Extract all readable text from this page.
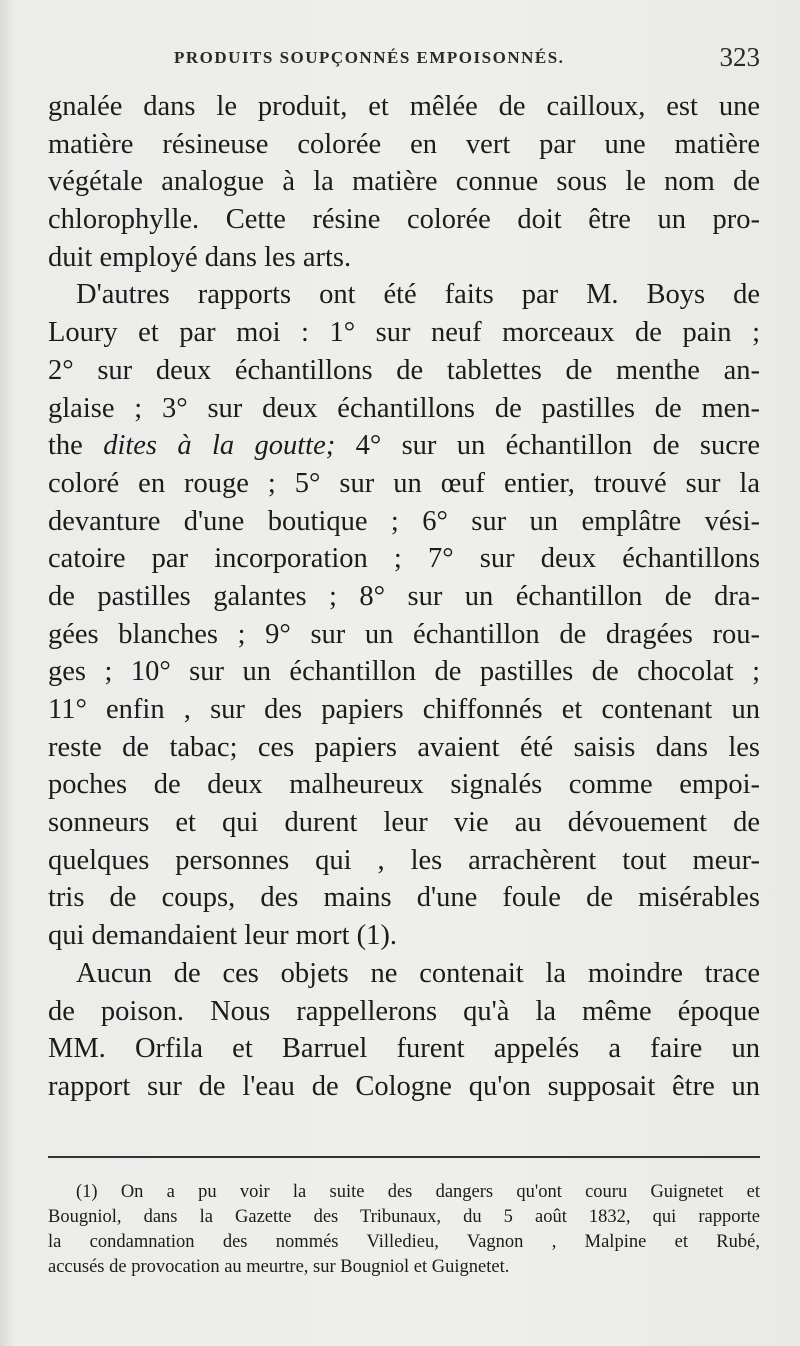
PRODUITS SOUPÇONNÉS EMPOISONNÉS.	323
gnalée dans le produit, et mêlée de cailloux, est une
matière résineuse colorée en vert par une matière
végétale analogue à la matière connue sous le nom de
chlorophylle. Cette résine colorée doit être un pro-
duit employé dans les arts.
D'autres rapports ont été faits par M. Boys de
Loury et par moi : 1° sur neuf morceaux de pain ;
2° sur deux échantillons de tablettes de menthe an-
glaise ; 3° sur deux échantillons de pastilles de men-
the dites à la goutte; 4° sur un échantillon de sucre
coloré en rouge ; 5° sur un œuf entier, trouvé sur la
devanture d'une boutique ; 6° sur un emplâtre vési-
catoire par incorporation ; 7° sur deux échantillons
de pastilles galantes ; 8° sur un échantillon de dra-
gées blanches ; 9° sur un échantillon de dragées rou-
ges ; 10° sur un échantillon de pastilles de chocolat ;
11° enfin , sur des papiers chiffonnés et contenant un
reste de tabac; ces papiers avaient été saisis dans les
poches de deux malheureux signalés comme empoi-
sonneurs et qui durent leur vie au dévouement de
quelques personnes qui , les arrachèrent tout meur-
tris de coups, des mains d'une foule de misérables
qui demandaient leur mort (1).
Aucun de ces objets ne contenait la moindre trace
de poison. Nous rappellerons qu'à la même époque
MM. Orfila et Barruel furent appelés a faire un
rapport sur de l'eau de Cologne qu'on supposait être un
(1) On a pu voir la suite des dangers qu'ont couru Guignetet et
Bougniol, dans la Gazette des Tribunaux, du 5 août 1832, qui rapporte
la condamnation des nommés Villedieu, Vagnon , Malpine et Rubé,
accusés de provocation au meurtre, sur Bougniol et Guignetet.
